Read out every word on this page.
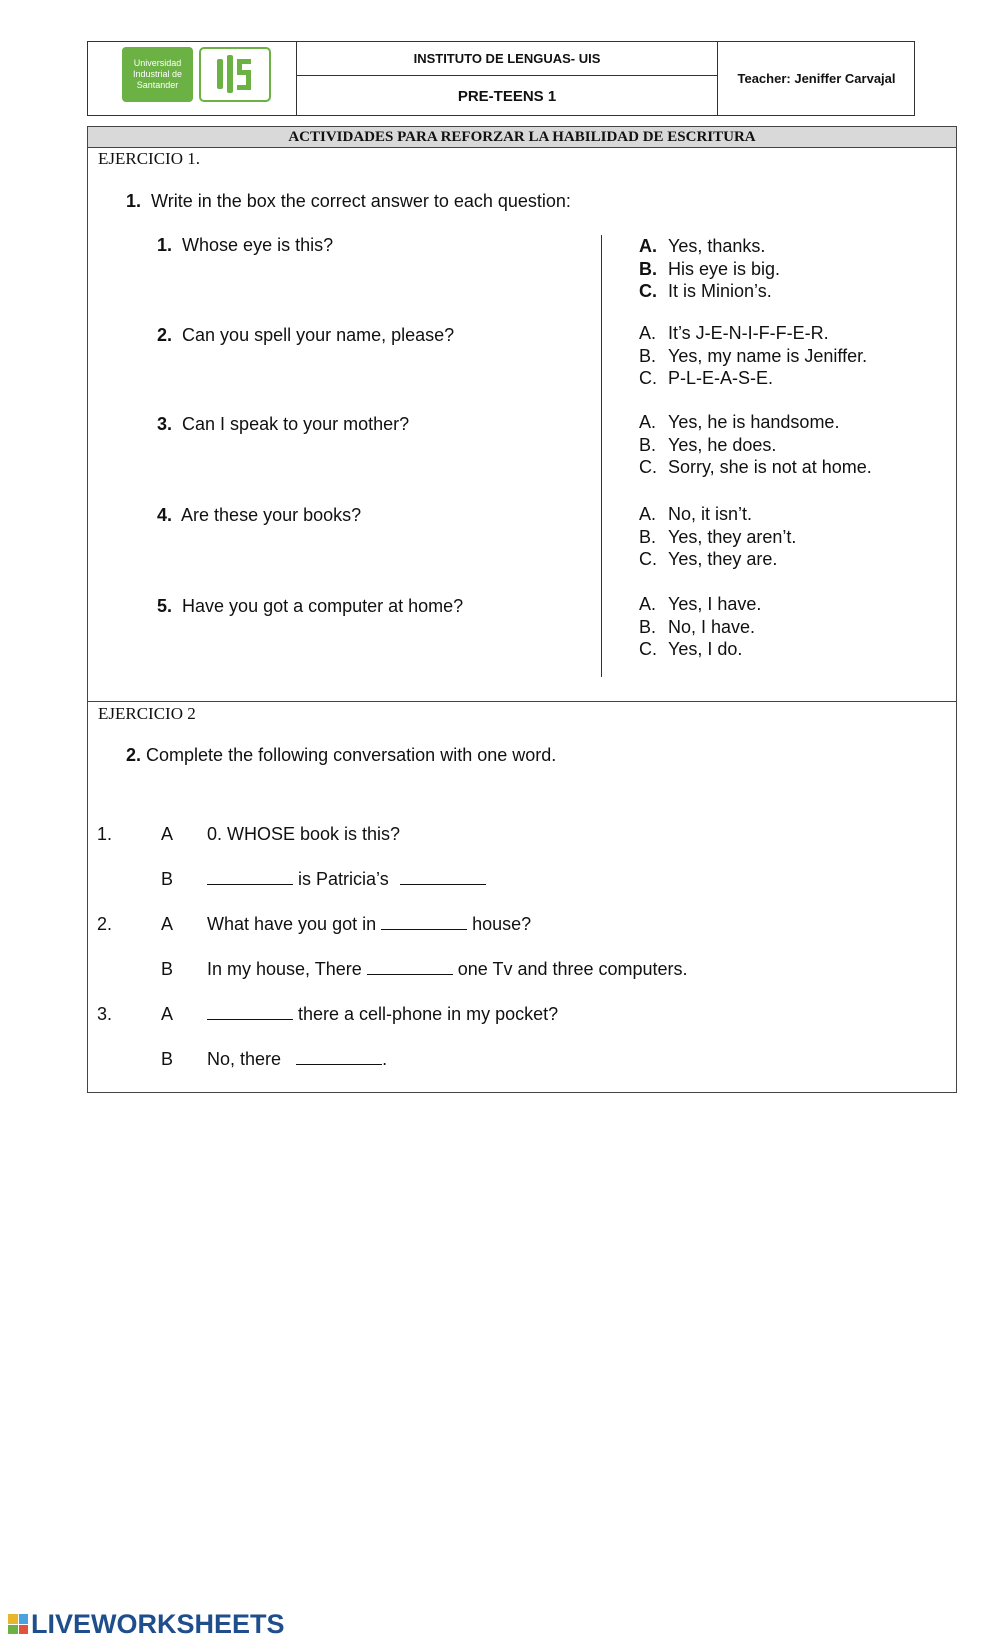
Universidad
Industrial de
Santander
INSTITUTO DE LENGUAS- UIS
PRE-TEENS 1
Teacher: Jeniffer Carvajal
ACTIVIDADES PARA REFORZAR LA HABILIDAD DE ESCRITURA
EJERCICIO 1.
1. Write in the box the correct answer to each question:
1. Whose eye is this?	A. Yes, thanks.
B. His eye is big.
C. It is Minion’s.
2. Can you spell your name, please?	A. It’s J-E-N-I-F-F-E-R.
B. Yes, my name is Jeniffer.
C. P-L-E-A-S-E.
3. Can I speak to your mother?	A. Yes, he is handsome.
B. Yes, he does.
C. Sorry, she is not at home.
4. Are these your books?	A. No, it isn’t.
B. Yes, they aren’t.
C. Yes, they are.
5. Have you got a computer at home?	A. Yes, I have.
B. No, I have.
C. Yes, I do.
EJERCICIO 2
2. Complete the following conversation with one word.
1.	A 0. WHOSE book is this?
B	is Patricia’s
2.	A What have you got in	house?
B In my house, There	one Tv and three computers.
3.	A	there a cell-phone in my pocket?
B No, there	.
LIVEWORKSHEETS
